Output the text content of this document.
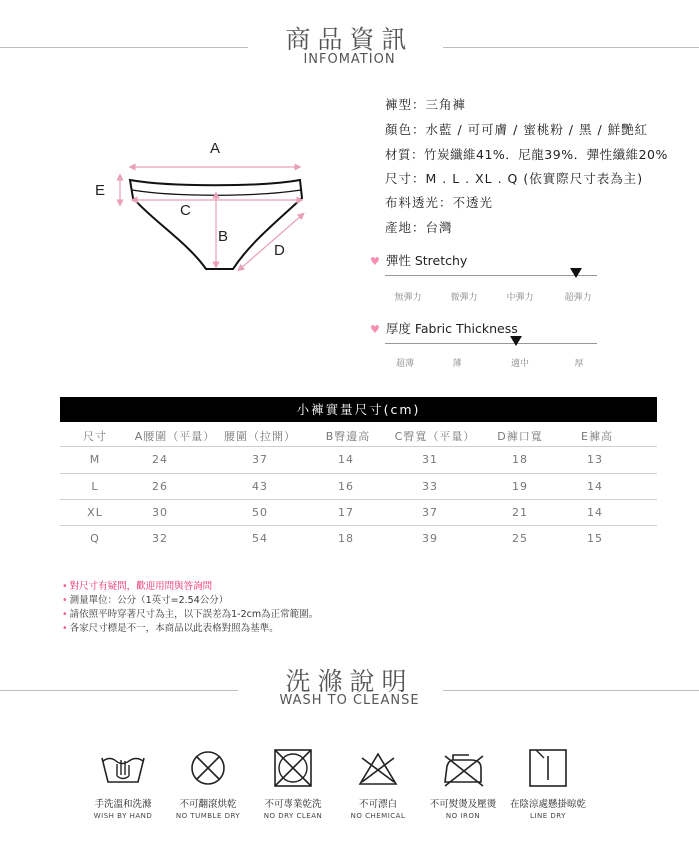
商品資訊
INFOMATION
A
E
C
B
D
褲型：三角褲
顏色：水藍 / 可可膚 / 蜜桃粉 / 黑 / 鮮艷紅
材質：竹炭纖維41%．尼龍39%．彈性纖維20%
尺寸：M . L . XL . Q (依實際尺寸表為主)
布料透光：不透光
產地：台灣
♥ 彈性 Stretchy
無彈力	微彈力	中彈力	超彈力
♥ 厚度 Fabric Thickness
超薄	薄	適中	厚
小褲實量尺寸(cm)
尺寸	A腰圍（平量） 腰圍（拉開）	B臀邊高	C臀寬（平量）	D褲口寬	E褲高
M	24	37	14	31	18	13
L	26	43	16	33	19	14
XL	30	50	17	37	21	14
Q	32	54	18	39	25	15
• 對尺寸有疑問，歡迎用問與答詢問
• 測量單位：公分（1英寸=2.54公分）
• 請依照平時穿著尺寸為主，以下誤差為1-2cm為正常範圍。
• 各家尺寸標是不一，本商品以此表格對照為基準。
洗滌說明
WASH TO CLEANSE
手洗溫和洗滌
WISH BY HAND
不可翻滾烘乾
NO TUMBLE DRY
不可專業乾洗
NO DRY CLEAN
不可漂白
NO CHEMICAL
不可熨燙及壓燙
NO IRON
在陰涼處懸掛晾乾
LINE DRY
